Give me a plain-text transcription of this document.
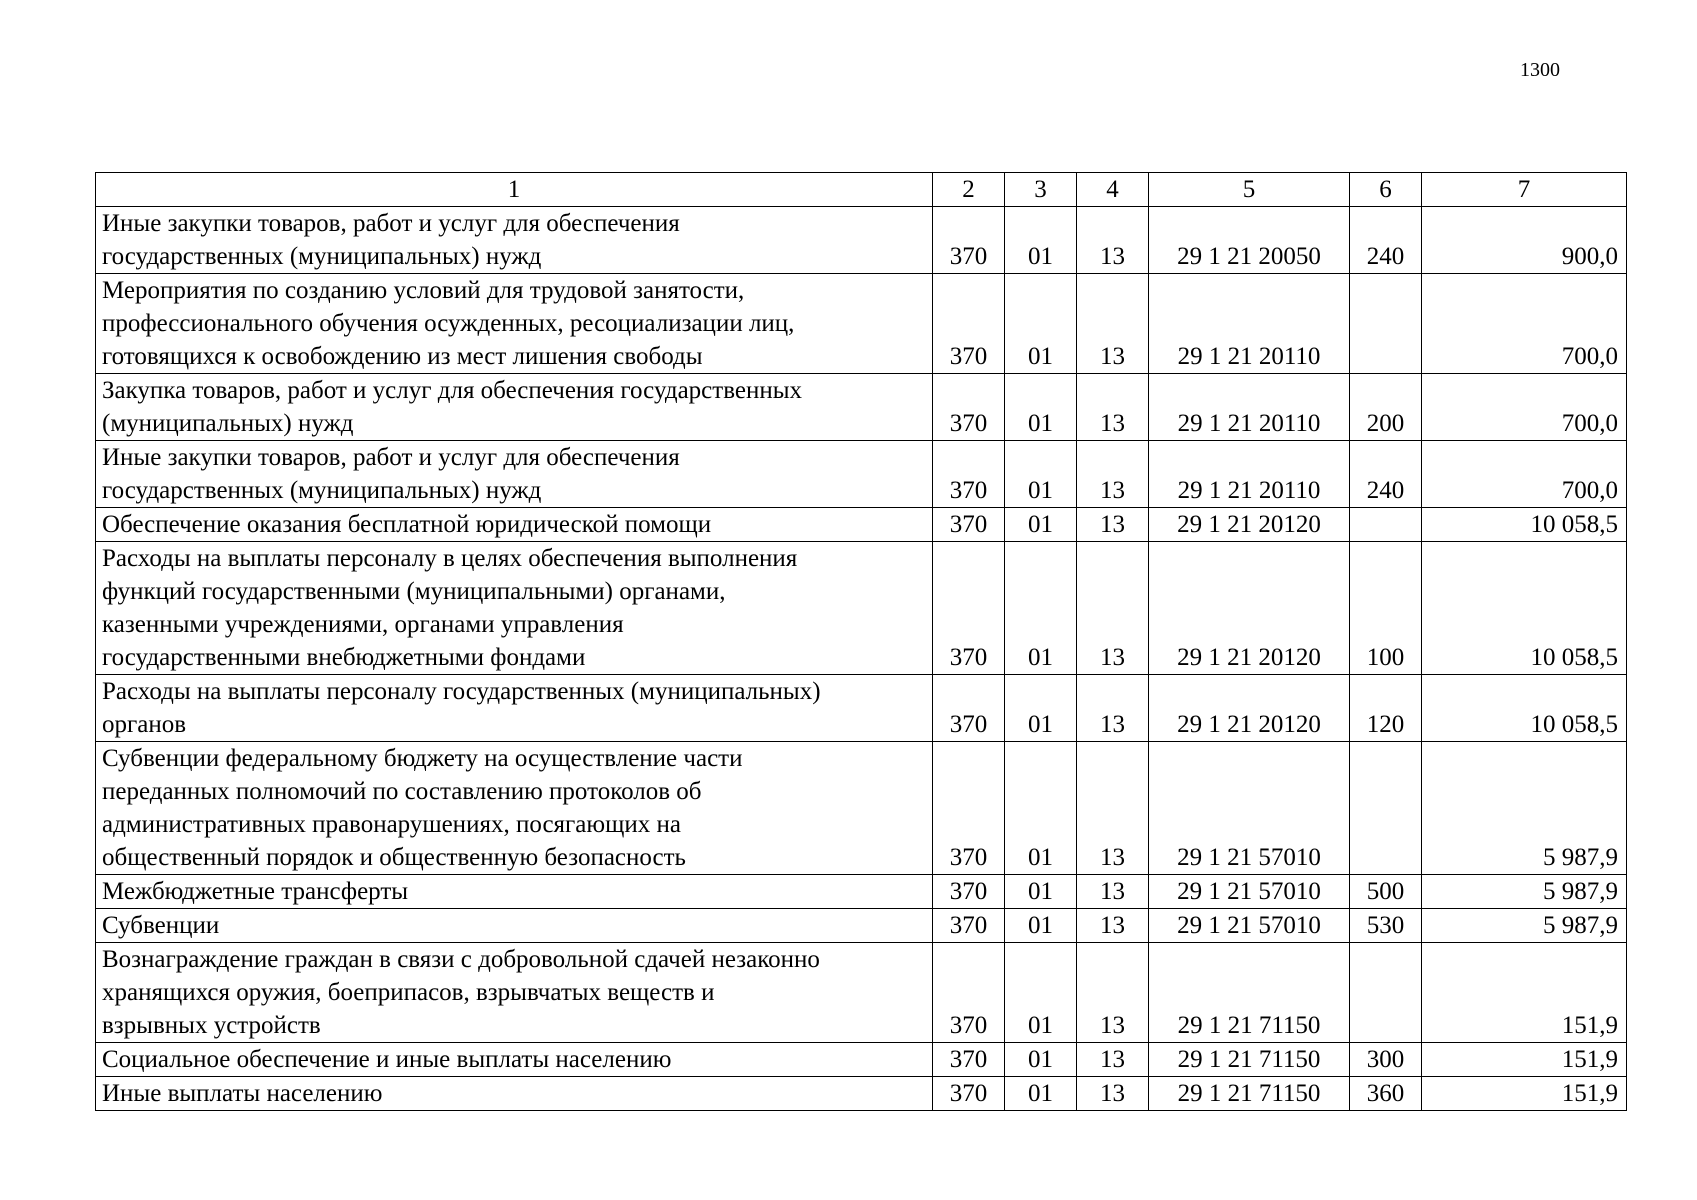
1300
1	2	3	4	5	6	7

Иные закупки товаров, работ и услуг для обеспечения
государственных (муниципальных) нужд	370	01	13	29 1 21 20050	240	900,0

Мероприятия по созданию условий для трудовой занятости,
профессионального обучения осужденных, ресоциализации лиц,
готовящихся к освобождению из мест лишения свободы	370	01	13	29 1 21 20110		700,0

Закупка товаров, работ и услуг для обеспечения государственных
(муниципальных) нужд	370	01	13	29 1 21 20110	200	700,0

Иные закупки товаров, работ и услуг для обеспечения
государственных (муниципальных) нужд	370	01	13	29 1 21 20110	240	700,0

Обеспечение оказания бесплатной юридической помощи	370	01	13	29 1 21 20120		10 058,5

Расходы на выплаты персоналу в целях обеспечения выполнения
функций государственными (муниципальными) органами,
казенными учреждениями, органами управления
государственными внебюджетными фондами	370	01	13	29 1 21 20120	100	10 058,5

Расходы на выплаты персоналу государственных (муниципальных)
органов	370	01	13	29 1 21 20120	120	10 058,5

Субвенции федеральному бюджету на осуществление части
переданных полномочий по составлению протоколов об
административных правонарушениях, посягающих на
общественный порядок и общественную безопасность	370	01	13	29 1 21 57010		5 987,9

Межбюджетные трансферты	370	01	13	29 1 21 57010	500	5 987,9

Субвенции	370	01	13	29 1 21 57010	530	5 987,9

Вознаграждение граждан в связи с добровольной сдачей незаконно
хранящихся оружия, боеприпасов, взрывчатых веществ и
взрывных устройств	370	01	13	29 1 21 71150		151,9

Социальное обеспечение и иные выплаты населению	370	01	13	29 1 21 71150	300	151,9

Иные выплаты населению	370	01	13	29 1 21 71150	360	151,9
